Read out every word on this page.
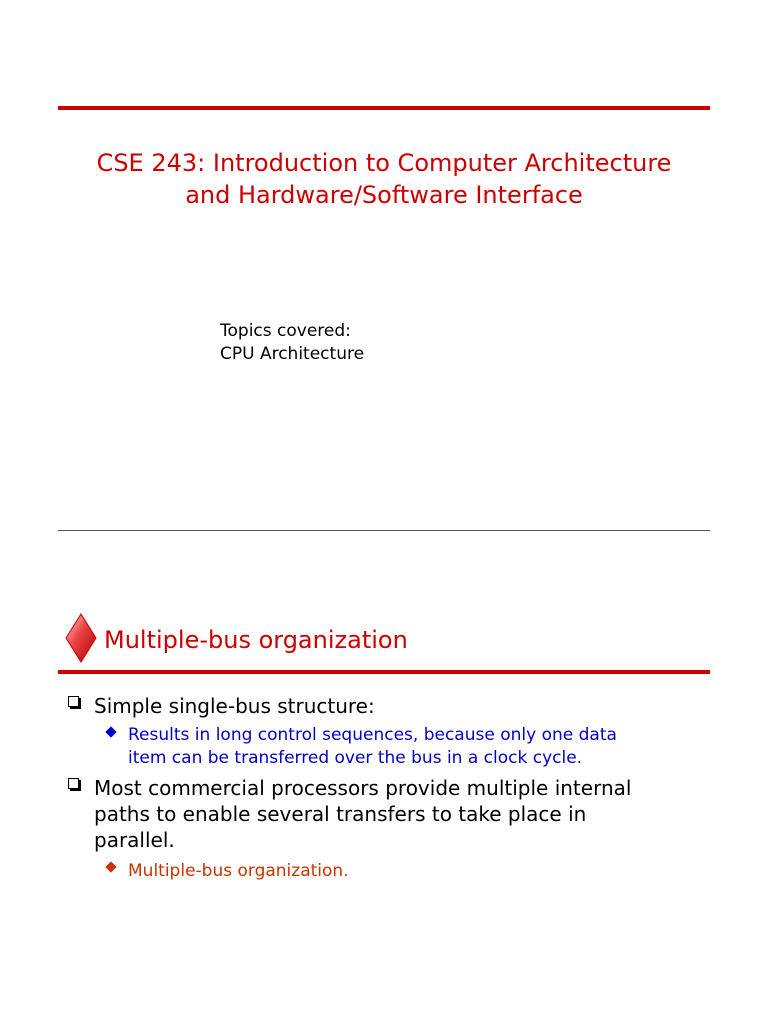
CSE 243: Introduction to Computer Architecture
and Hardware/Software Interface
Topics covered:
CPU Architecture
Multiple-bus organization
Simple single-bus structure:
Results in long control sequences, because only one data
item can be transferred over the bus in a clock cycle.
Most commercial processors provide multiple internal
paths to enable several transfers to take place in
parallel.
Multiple-bus organization.
